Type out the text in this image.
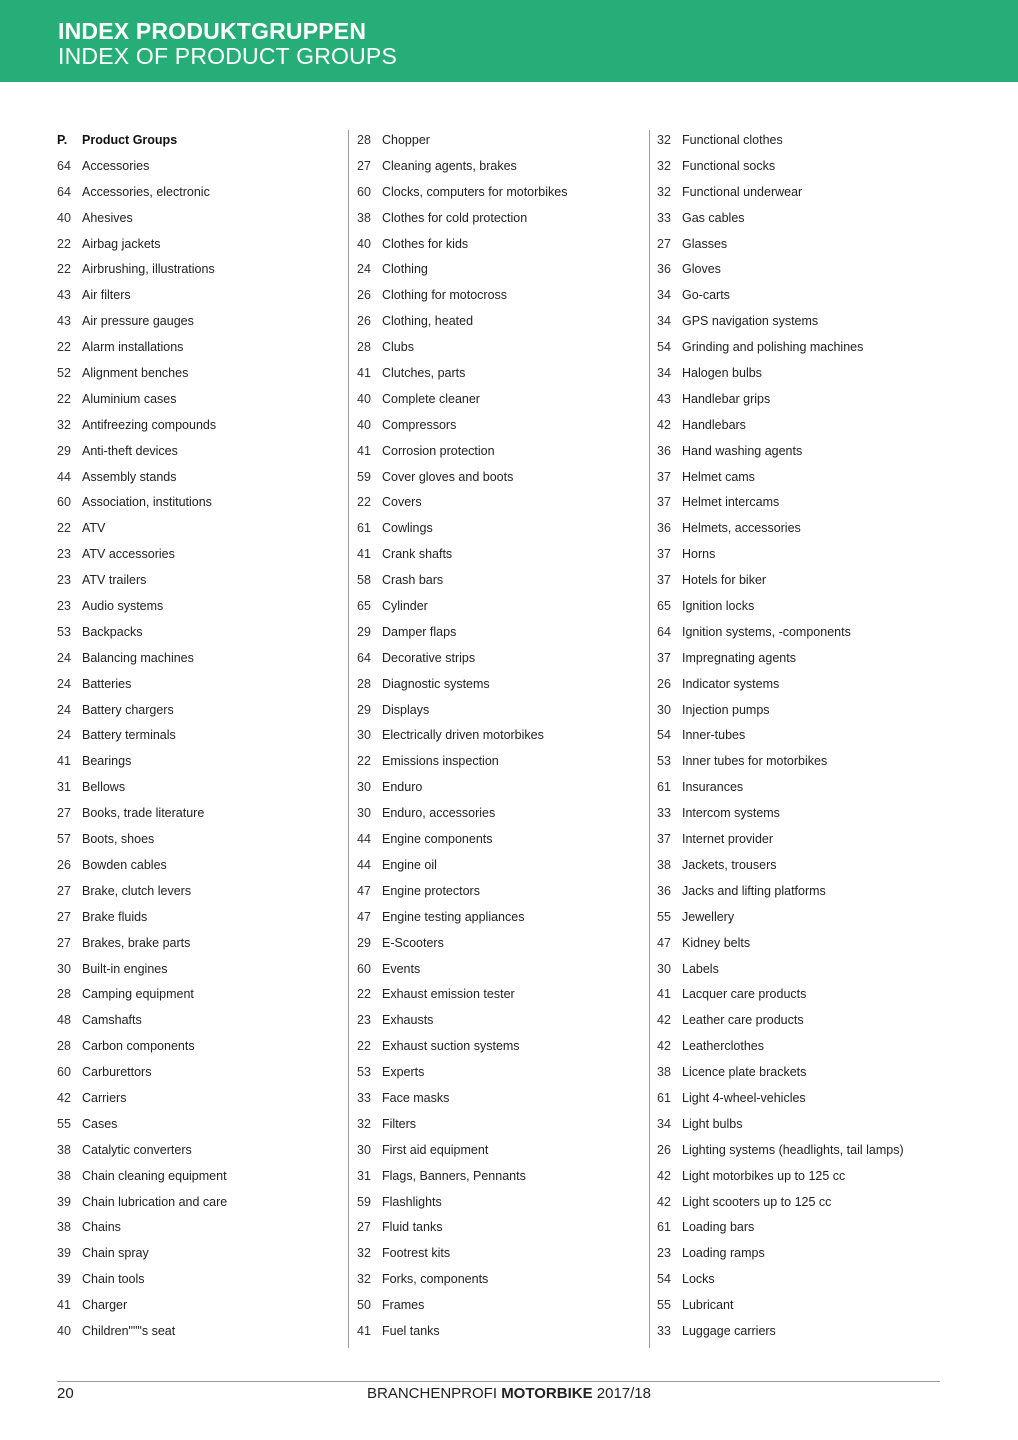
INDEX PRODUKTGRUPPEN
INDEX OF PRODUCT GROUPS
P.	Product Groups
64 Accessories
64 Accessories, electronic
40 Ahesives
22 Airbag jackets
22 Airbrushing, illustrations
43 Air filters
43 Air pressure gauges
22 Alarm installations
52 Alignment benches
22 Aluminium cases
32 Antifreezing compounds
29 Anti-theft devices
44 Assembly stands
60 Association, institutions
22 ATV
23 ATV accessories
23 ATV trailers
23 Audio systems
53 Backpacks
24 Balancing machines
24 Batteries
24 Battery chargers
24 Battery terminals
41 Bearings
31 Bellows
27 Books, trade literature
57 Boots, shoes
26 Bowden cables
27 Brake, clutch levers
27 Brake fluids
27 Brakes, brake parts
30 Built-in engines
28 Camping equipment
48 Camshafts
28 Carbon components
60 Carburettors
42 Carriers
55 Cases
38 Catalytic converters
38 Chain cleaning equipment
39 Chain lubrication and care
38 Chains
39 Chain spray
39 Chain tools
41 Charger
40 Children"""s seat
28 Chopper
27 Cleaning agents, brakes
60 Clocks, computers for motorbikes
38 Clothes for cold protection
40 Clothes for kids
24 Clothing
26 Clothing for motocross
26 Clothing, heated
28 Clubs
41 Clutches, parts
40 Complete cleaner
40 Compressors
41 Corrosion protection
59 Cover gloves and boots
22 Covers
61 Cowlings
41 Crank shafts
58 Crash bars
65 Cylinder
29 Damper flaps
64 Decorative strips
28 Diagnostic systems
29 Displays
30 Electrically driven motorbikes
22 Emissions inspection
30 Enduro
30 Enduro, accessories
44 Engine components
44 Engine oil
47 Engine protectors
47 Engine testing appliances
29 E-Scooters
60 Events
22 Exhaust emission tester
23 Exhausts
22 Exhaust suction systems
53 Experts
33 Face masks
32 Filters
30 First aid equipment
31 Flags, Banners, Pennants
59 Flashlights
27 Fluid tanks
32 Footrest kits
32 Forks, components
50 Frames
41 Fuel tanks
32 Functional clothes
32 Functional socks
32 Functional underwear
33 Gas cables
27 Glasses
36 Gloves
34 Go-carts
34 GPS navigation systems
54 Grinding and polishing machines
34 Halogen bulbs
43 Handlebar grips
42 Handlebars
36 Hand washing agents
37 Helmet cams
37 Helmet intercams
36 Helmets, accessories
37 Horns
37 Hotels for biker
65 Ignition locks
64 Ignition systems, -components
37 Impregnating agents
26 Indicator systems
30 Injection pumps
54 Inner-tubes
53 Inner tubes for motorbikes
61 Insurances
33 Intercom systems
37 Internet provider
38 Jackets, trousers
36 Jacks and lifting platforms
55 Jewellery
47 Kidney belts
30 Labels
41 Lacquer care products
42 Leather care products
42 Leatherclothes
38 Licence plate brackets
61 Light 4-wheel-vehicles
34 Light bulbs
26 Lighting systems (headlights, tail lamps)
42 Light motorbikes up to 125 cc
42 Light scooters up to 125 cc
61 Loading bars
23 Loading ramps
54 Locks
55 Lubricant
33 Luggage carriers
20	BRANCHENPROFI MOTORBIKE 2017/18
